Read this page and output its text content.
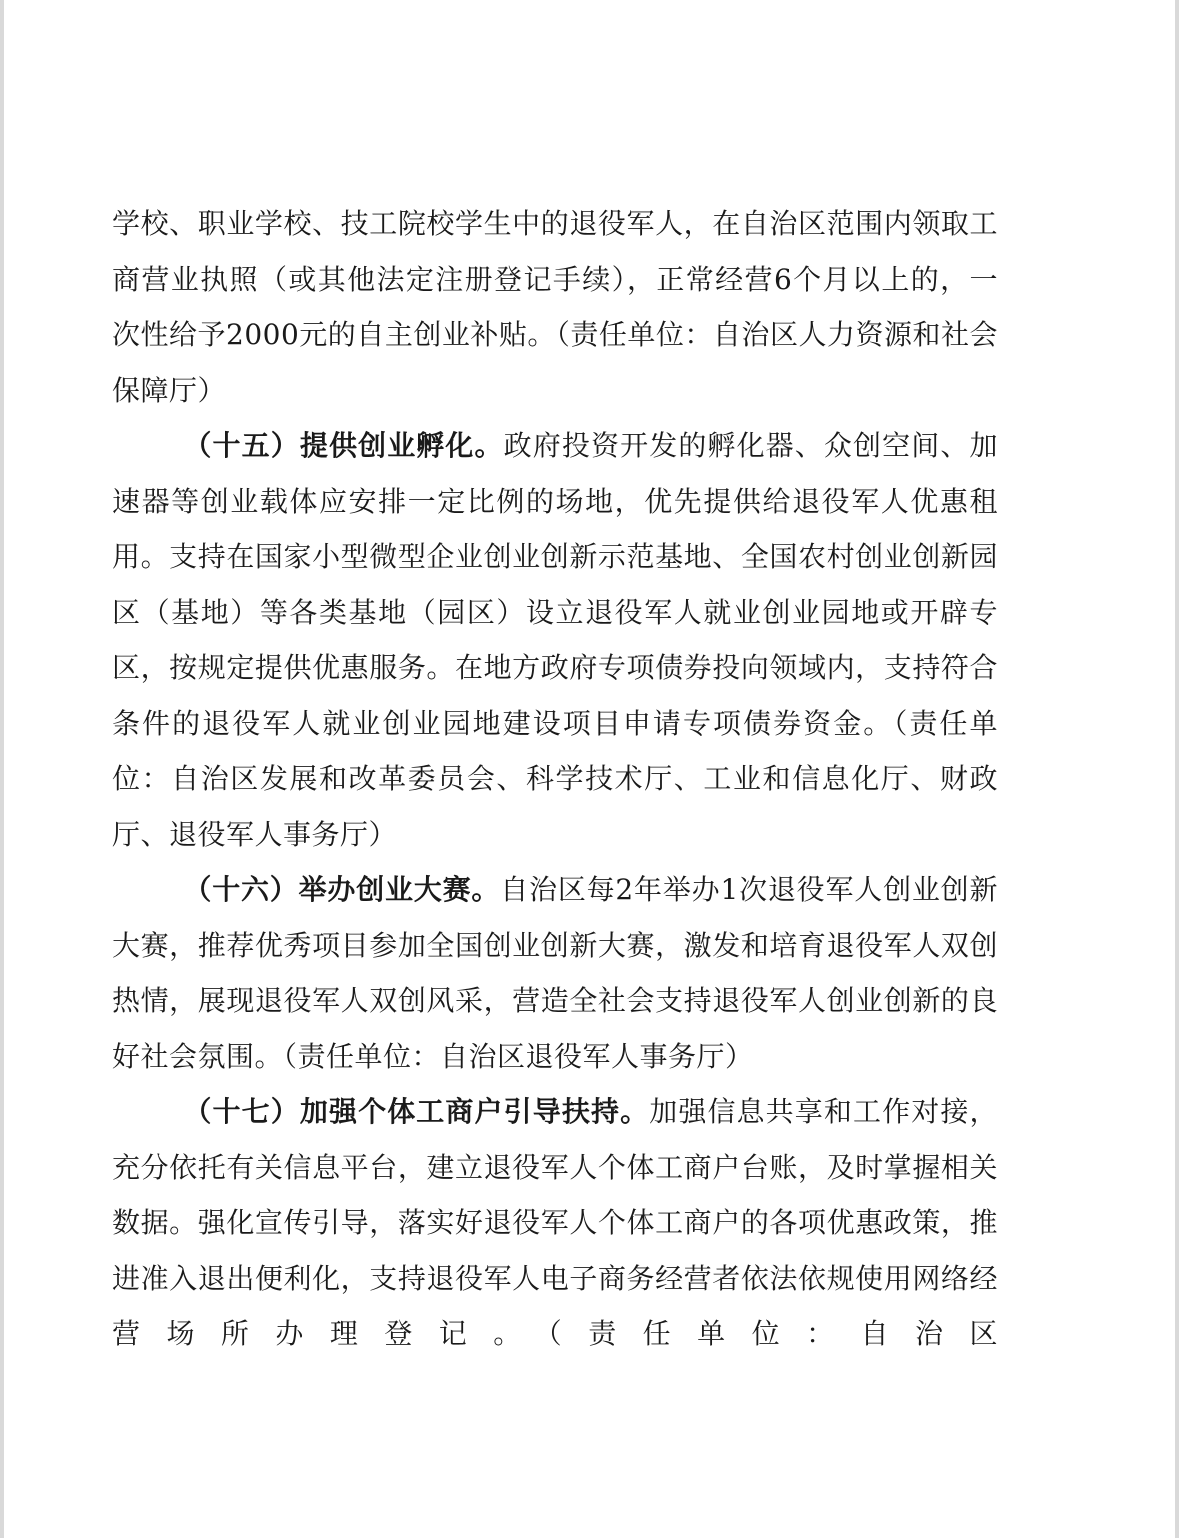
学校、职业学校、技工院校学生中的退役军人，在自治区范围内领取工商营业执照（或其他法定注册登记手续），正常经营6个月以上的，一次性给予2000元的自主创业补贴。（责任单位：自治区人力资源和社会保障厅）

（十五）提供创业孵化。政府投资开发的孵化器、众创空间、加速器等创业载体应安排一定比例的场地，优先提供给退役军人优惠租用。支持在国家小型微型企业创业创新示范基地、全国农村创业创新园区（基地）等各类基地（园区）设立退役军人就业创业园地或开辟专区，按规定提供优惠服务。在地方政府专项债券投向领域内，支持符合条件的退役军人就业创业园地建设项目申请专项债券资金。（责任单位：自治区发展和改革委员会、科学技术厅、工业和信息化厅、财政厅、退役军人事务厅）

（十六）举办创业大赛。自治区每2年举办1次退役军人创业创新大赛，推荐优秀项目参加全国创业创新大赛，激发和培育退役军人双创热情，展现退役军人双创风采，营造全社会支持退役军人创业创新的良好社会氛围。（责任单位：自治区退役军人事务厅）

（十七）加强个体工商户引导扶持。加强信息共享和工作对接，充分依托有关信息平台，建立退役军人个体工商户台账，及时掌握相关数据。强化宣传引导，落实好退役军人个体工商户的各项优惠政策，推进准入退出便利化，支持退役军人电子商务经营者依法依规使用网络经营场所办理登记。（责任单位：自治区
